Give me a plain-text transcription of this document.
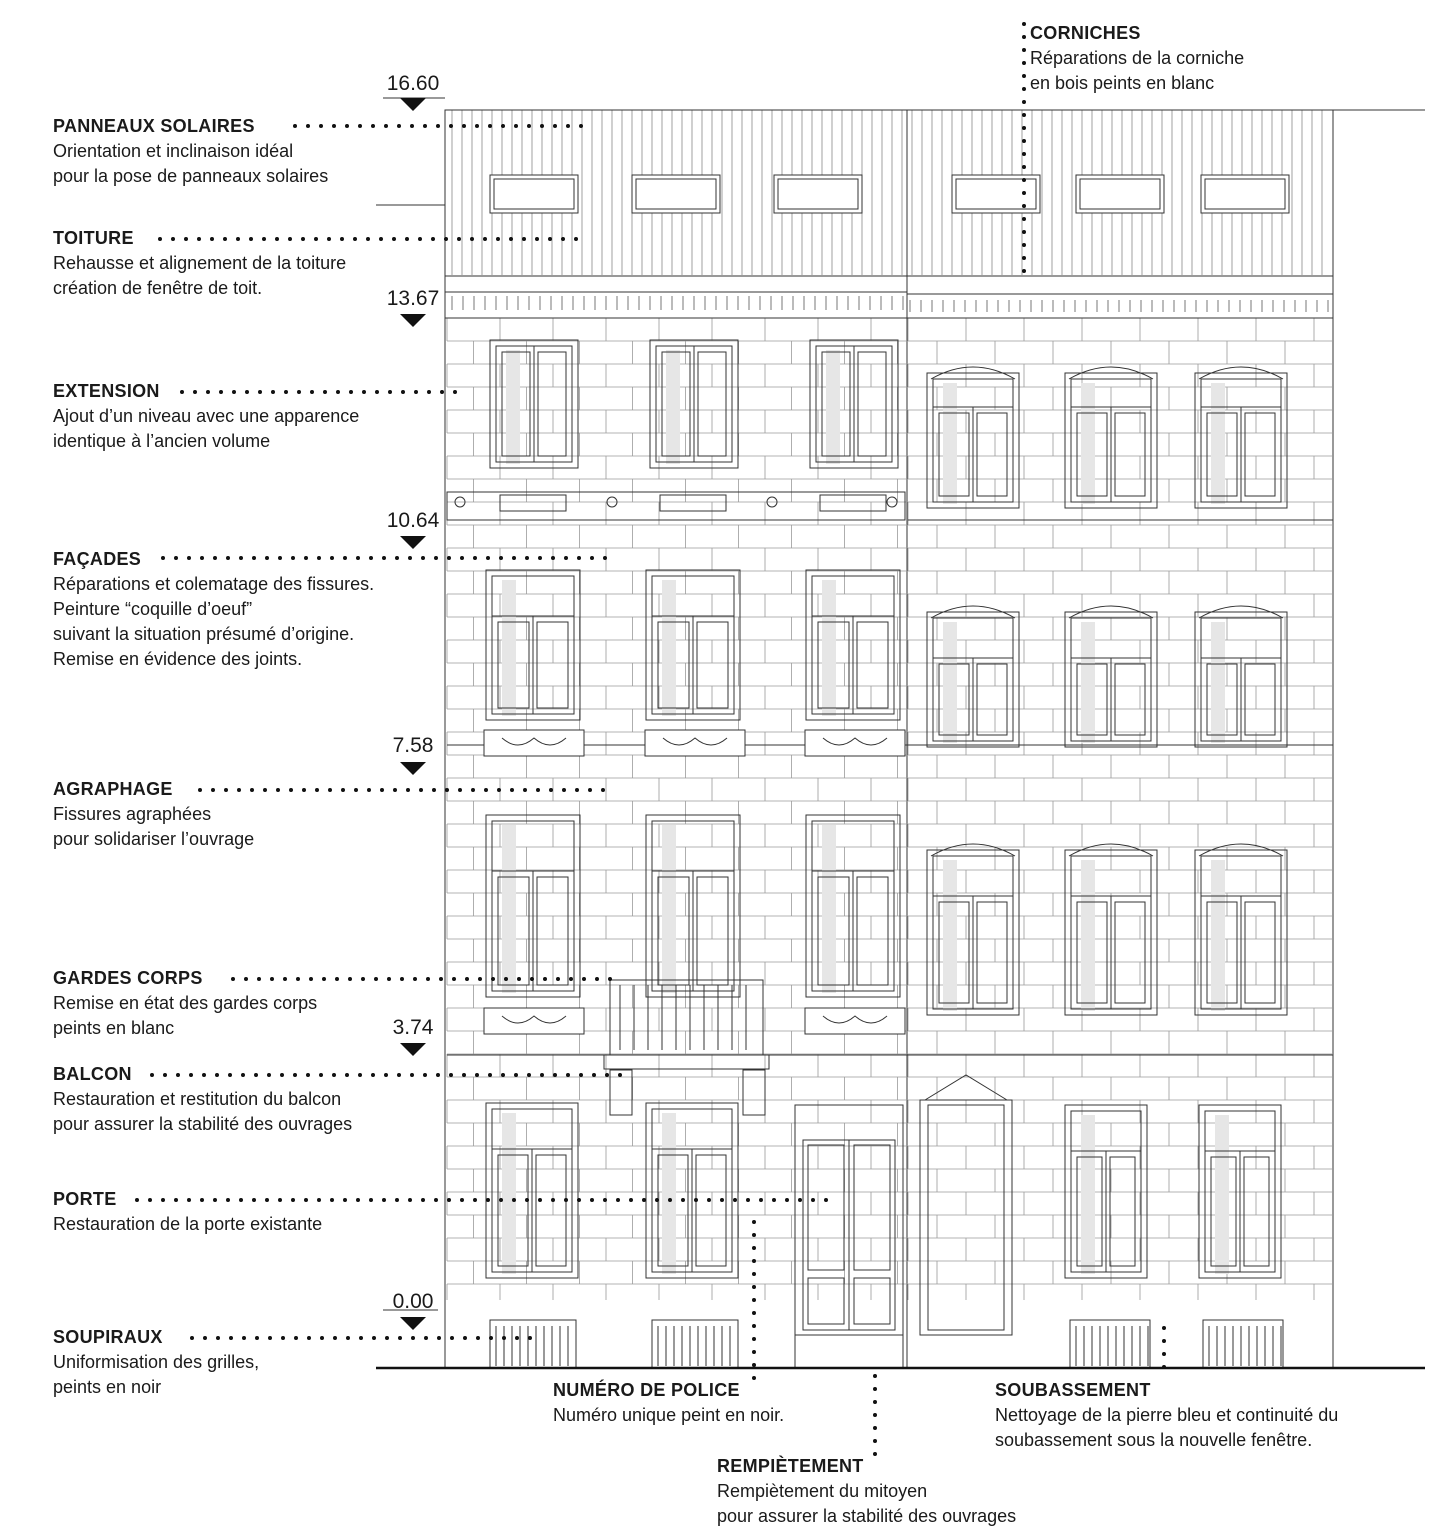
16.60
13.67
10.64
7.58
3.74
0.00
PANNEAUX SOLAIRES
Orientation et inclinaison idéal
pour la pose de panneaux solaires
TOITURE
Rehausse et alignement de la toiture
création de fenêtre de toit.
EXTENSION
Ajout d’un niveau avec une apparence
identique à l’ancien volume
FAÇADES
Réparations et colematage des fissures.
Peinture “coquille d’oeuf”
suivant la situation présumé d’origine.
Remise en évidence des joints.
AGRAPHAGE
Fissures agraphées
pour solidariser l’ouvrage
GARDES CORPS
Remise en état des gardes corps
peints en blanc
BALCON
Restauration et restitution du balcon
pour assurer la stabilité des ouvrages
PORTE
Restauration de la porte existante
SOUPIRAUX
Uniformisation des grilles,
peints en noir
CORNICHES
Réparations de la corniche
en bois peints en blanc
NUMÉRO DE POLICE
Numéro unique peint en noir.
SOUBASSEMENT
Nettoyage de la pierre bleu et continuité du
soubassement sous la nouvelle fenêtre.
REMPIÈTEMENT
Rempiètement du mitoyen
pour assurer la stabilité des ouvrages
